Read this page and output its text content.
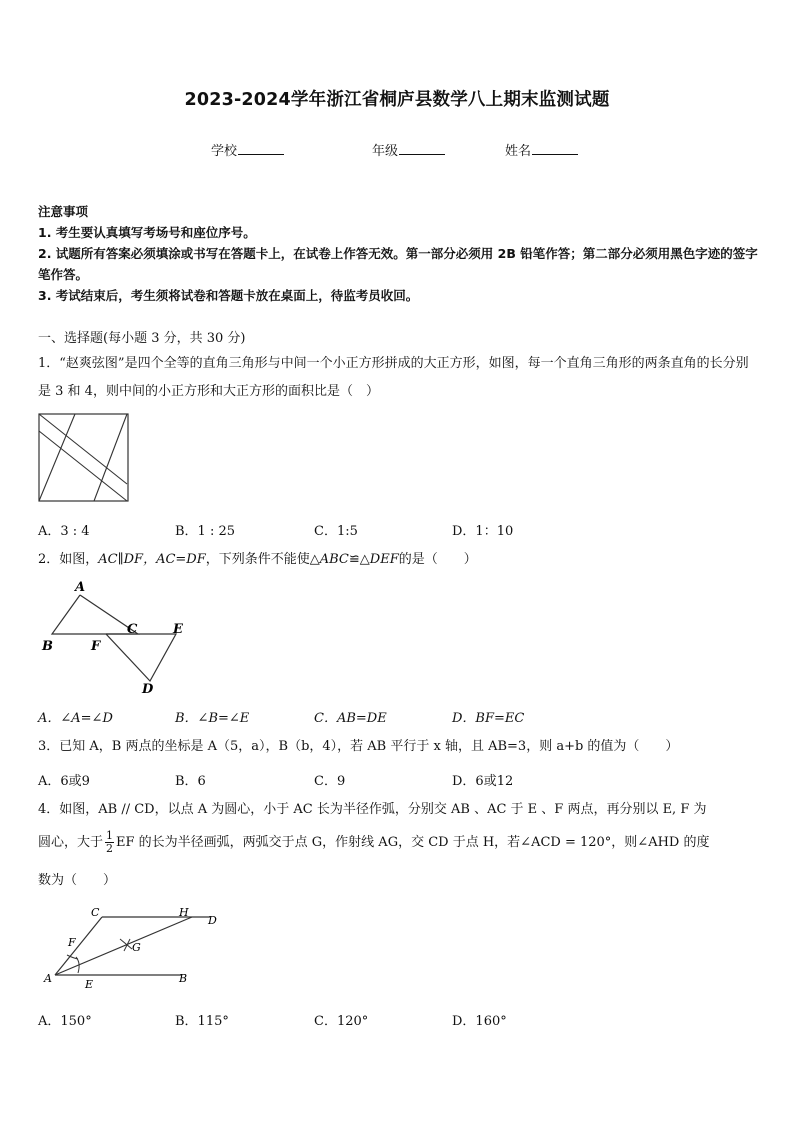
2023-2024学年浙江省桐庐县数学八上期末监测试题
学校	年级	姓名
注意事项

1. 考生要认真填写考场号和座位序号。

2. 试题所有答案必须填涂或书写在答题卡上，在试卷上作答无效。第一部分必须用 2B 铅笔作答；第二部分必须用黑色字迹的签字笔作答。

3. 考试结束后，考生须将试卷和答题卡放在桌面上，待监考员收回。

一、选择题(每小题 3 分，共 30 分)
1．“赵爽弦图”是四个全等的直角三角形与中间一个小正方形拼成的大正方形，如图，每一个直角三角形的两条直角的长分别是 3 和 4，则中间的小正方形和大正方形的面积比是（　）
A．3 : 4	B．1 : 25	C．1:5	D．1：10
2．如图，AC∥DF，AC=DF，下列条件不能使△ABC≌△DEF的是（　　）
A
B
C	E
F
D
A．∠A=∠D	B．∠B=∠E	C．AB=DE	D．BF=EC
3．已知 A，B 两点的坐标是 A（5，a），B（b，4），若 AB 平行于 x 轴，且 AB=3，则 a+b 的值为（　　）
A．6或9	B．6	C．9	D．6或12
4．如图，AB // CD，以点 A 为圆心，小于 AC 长为半径作弧，分别交 AB 、AC 于 E 、F 两点，再分别以 E, F 为
圆心，大于 $\frac{1}{2}$ EF 的长为半径画弧，两弧交于点 G，作射线 AG，交 CD 于点 H，若∠ACD = 120°，则∠AHD 的度
数为（　　）
C	H
D
F	G
A	E	B
A．150°	B．115°	C．120°	D．160°
